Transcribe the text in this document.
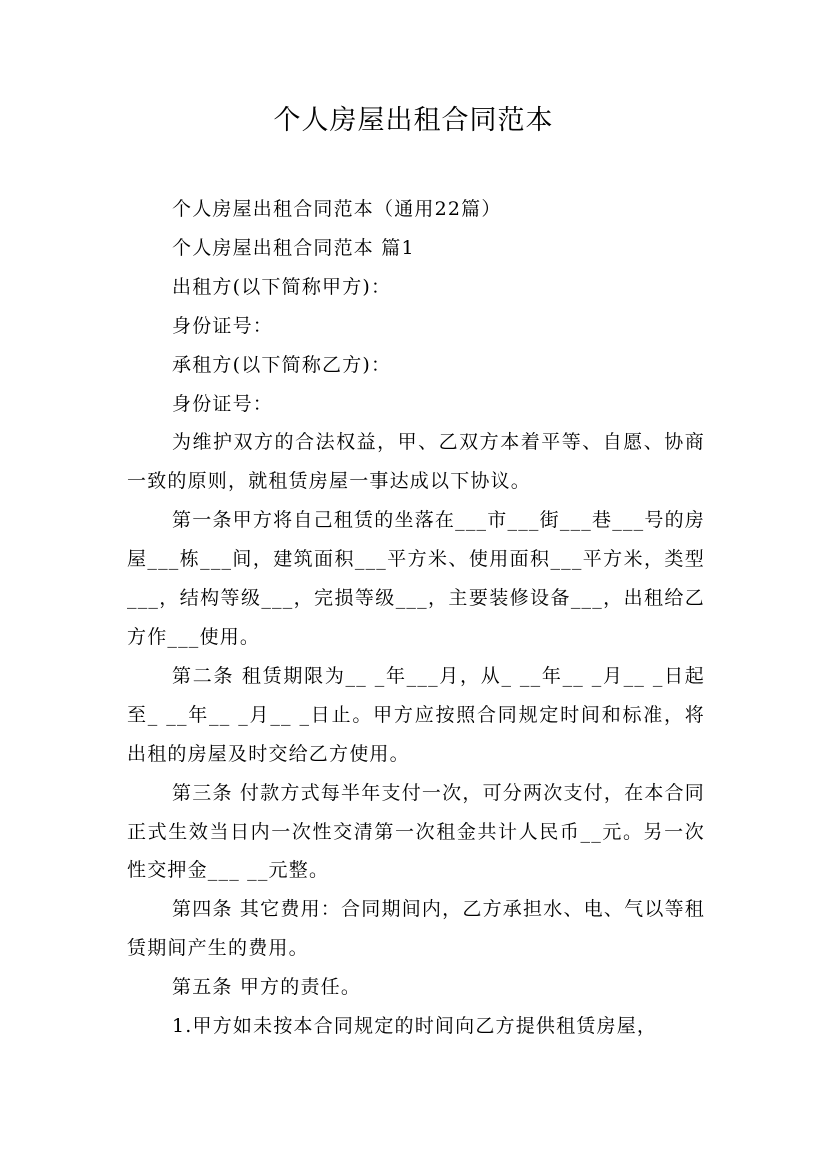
个人房屋出租合同范本

个人房屋出租合同范本（通用22篇）

个人房屋出租合同范本 篇1

出租方(以下简称甲方)：

身份证号：

承租方(以下简称乙方)：

身份证号：

为维护双方的合法权益，甲、乙双方本着平等、自愿、协商一致的原则，就租赁房屋一事达成以下协议。

第一条甲方将自己租赁的坐落在___市___街___巷___号的房屋___栋___间，建筑面积___平方米、使用面积___平方米，类型___，结构等级___，完损等级___，主要装修设备___，出租给乙方作___使用。

第二条 租赁期限为__ _年___月，从_ __年__ _月__ _日起至_ __年__ _月__ _日止。甲方应按照合同规定时间和标准，将出租的房屋及时交给乙方使用。

第三条 付款方式每半年支付一次，可分两次支付，在本合同正式生效当日内一次性交清第一次租金共计人民币__元。另一次性交押金___ __元整。

第四条 其它费用：合同期间内，乙方承担水、电、气以等租赁期间产生的费用。

第五条 甲方的责任。

1.甲方如未按本合同规定的时间向乙方提供租赁房屋，
